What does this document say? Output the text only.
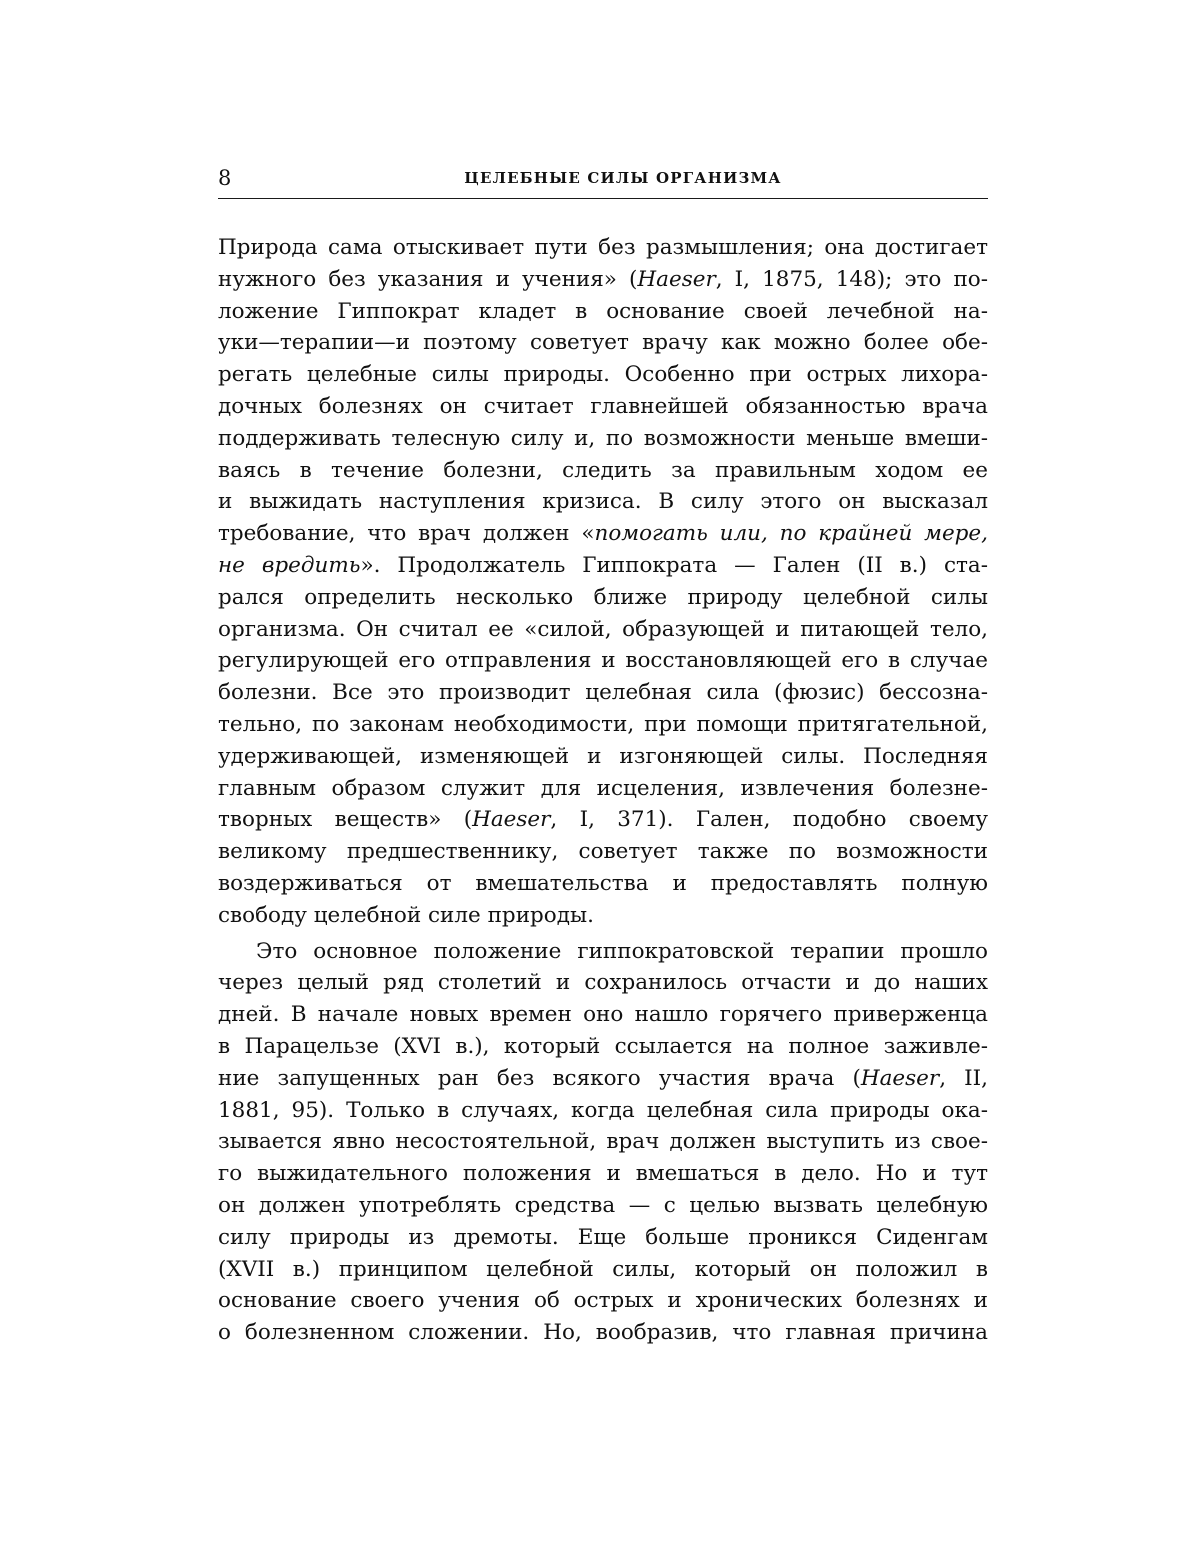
8	ЦЕЛЕБНЫЕ СИЛЫ ОРГАНИЗМА
Природа сама отыскивает пути без размышления; она достигает
нужного без указания и учения» (Haeser, I, 1875, 148); это по-
ложение Гиппократ кладет в основание своей лечебной на-
уки—терапии—и поэтому советует врачу как можно более обе-
регать целебные силы природы. Особенно при острых лихора-
дочных болезнях он считает главнейшей обязанностью врача
поддерживать телесную силу и, по возможности меньше вмеши-
ваясь в течение болезни, следить за правильным ходом ее
и выжидать наступления кризиса. В силу этого он высказал
требование, что врач должен «помогать или, по крайней мере,
не вредить». Продолжатель Гиппократа — Гален (II в.) ста-
рался определить несколько ближе природу целебной силы
организма. Он считал ее «силой, образующей и питающей тело,
регулирующей его отправления и восстановляющей его в случае
болезни. Все это производит целебная сила (фюзис) бессозна-
тельно, по законам необходимости, при помощи притягательной,
удерживающей, изменяющей и изгоняющей силы. Последняя
главным образом служит для исцеления, извлечения болезне-
творных веществ» (Haeser, I, 371). Гален, подобно своему
великому предшественнику, советует также по возможности
воздерживаться от вмешательства и предоставлять полную
свободу целебной силе природы.
Это основное положение гиппократовской терапии прошло
через целый ряд столетий и сохранилось отчасти и до наших
дней. В начале новых времен оно нашло горячего приверженца
в Парацельзе (XVI в.), который ссылается на полное заживле-
ние запущенных ран без всякого участия врача (Haeser, II,
1881, 95). Только в случаях, когда целебная сила природы ока-
зывается явно несостоятельной, врач должен выступить из свое-
го выжидательного положения и вмешаться в дело. Но и тут
он должен употреблять средства — с целью вызвать целебную
силу природы из дремоты. Еще больше проникся Сиденгам
(XVII в.) принципом целебной силы, который он положил в
основание своего учения об острых и хронических болезнях и
о болезненном сложении. Но, вообразив, что главная причина
